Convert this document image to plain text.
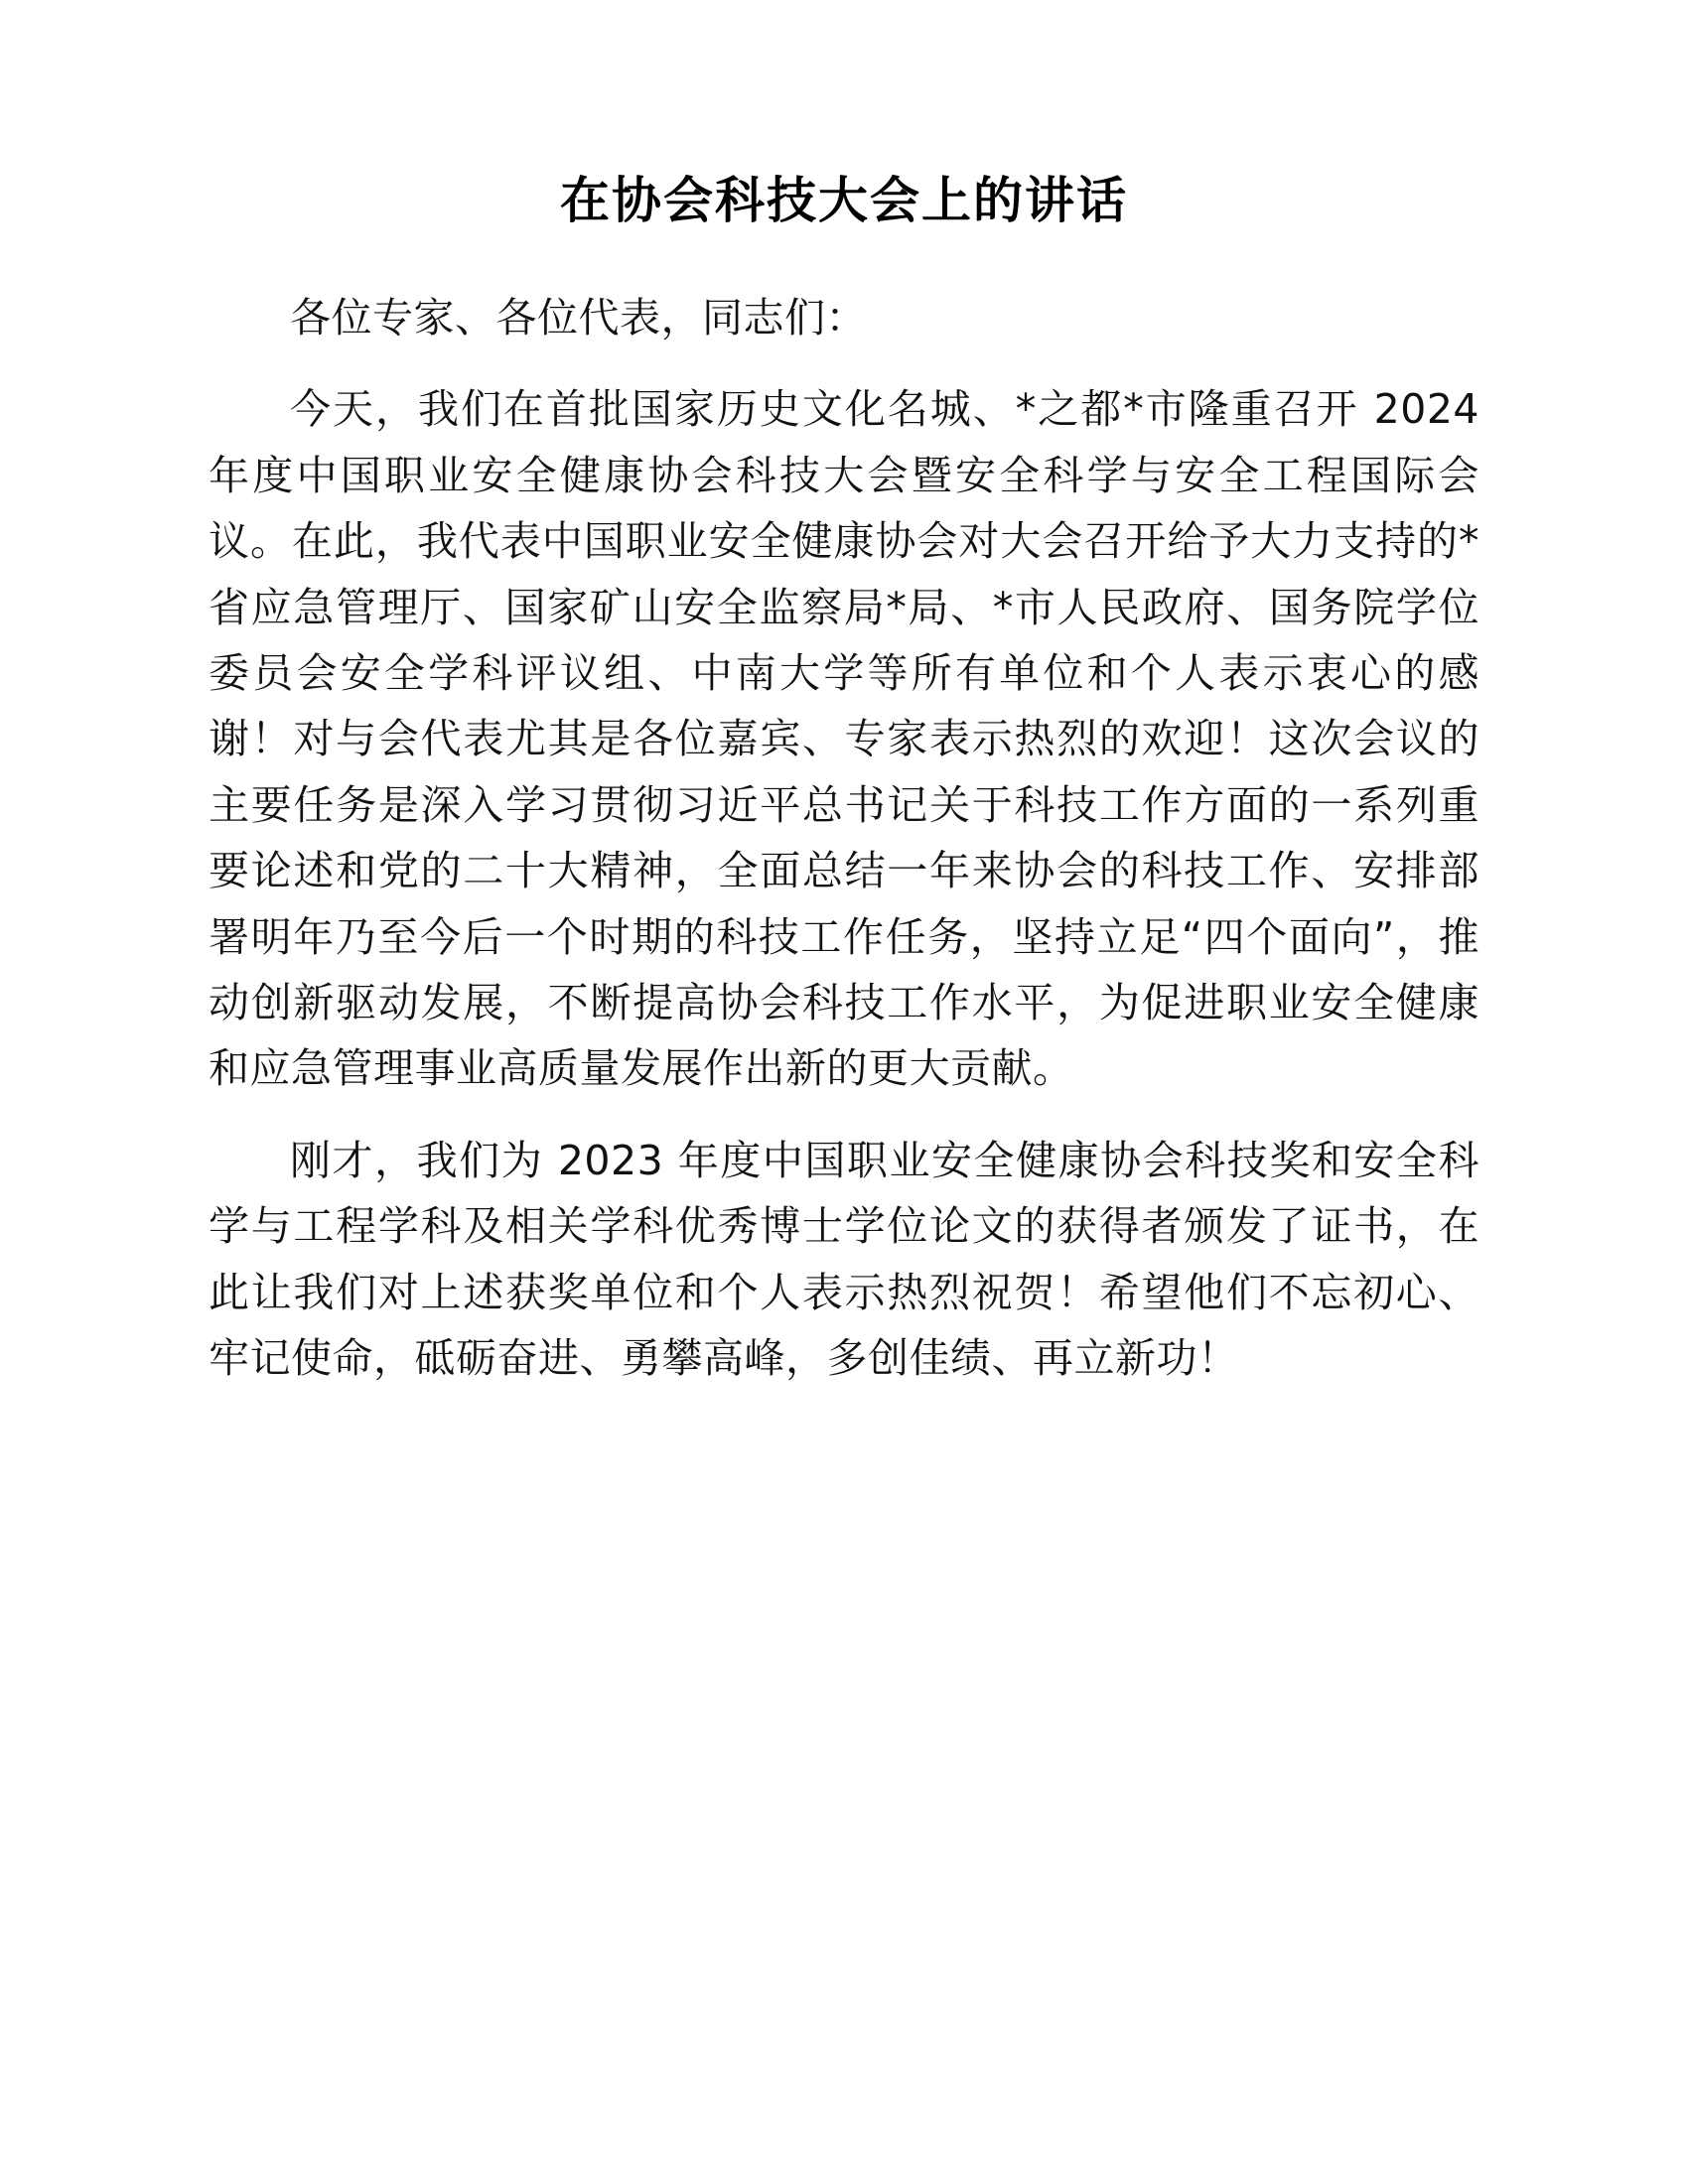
在协会科技大会上的讲话

各位专家、各位代表，同志们：

今天，我们在首批国家历史文化名城、*之都*市隆重召开 2024 年度中国职业安全健康协会科技大会暨安全科学与安全工程国际会议。在此，我代表中国职业安全健康协会对大会召开给予大力支持的*省应急管理厅、国家矿山安全监察局*局、*市人民政府、国务院学位委员会安全学科评议组、中南大学等所有单位和个人表示衷心的感谢！对与会代表尤其是各位嘉宾、专家表示热烈的欢迎！这次会议的主要任务是深入学习贯彻习近平总书记关于科技工作方面的一系列重要论述和党的二十大精神，全面总结一年来协会的科技工作、安排部署明年乃至今后一个时期的科技工作任务，坚持立足“四个面向”，推动创新驱动发展，不断提高协会科技工作水平，为促进职业安全健康和应急管理事业高质量发展作出新的更大贡献。

刚才，我们为 2023 年度中国职业安全健康协会科技奖和安全科学与工程学科及相关学科优秀博士学位论文的获得者颁发了证书，在此让我们对上述获奖单位和个人表示热烈祝贺！希望他们不忘初心、牢记使命，砥砺奋进、勇攀高峰，多创佳绩、再立新功！
